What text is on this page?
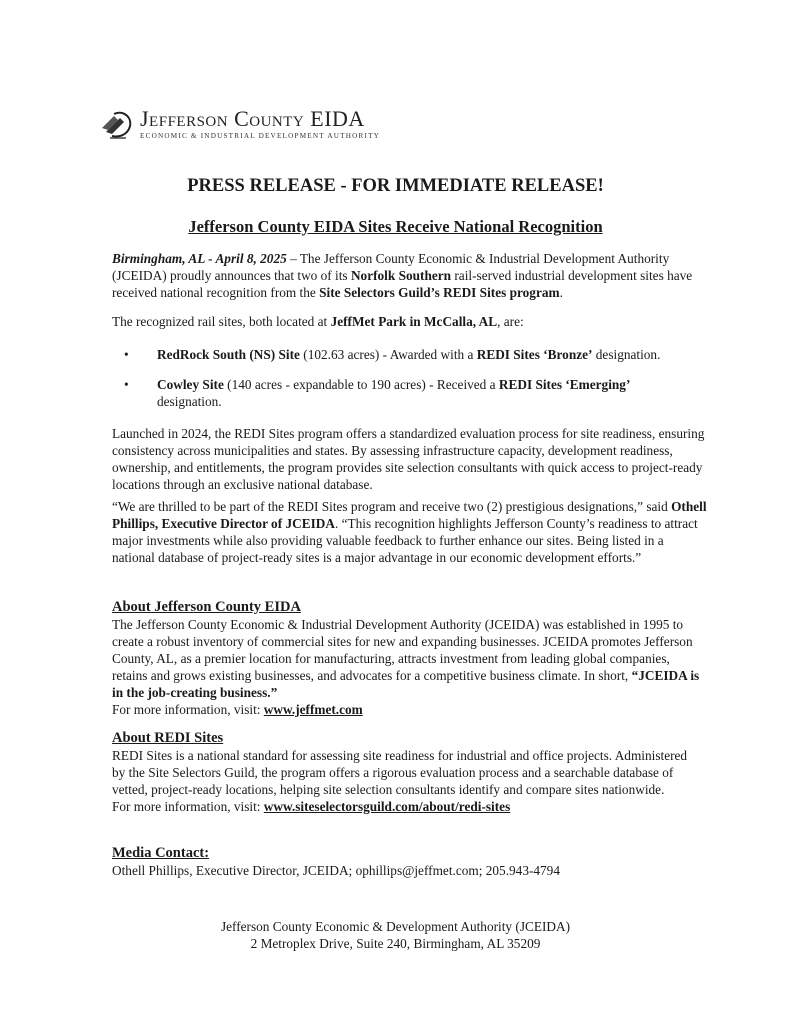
Jefferson County EIDA
ECONOMIC & INDUSTRIAL DEVELOPMENT AUTHORITY
PRESS RELEASE - FOR IMMEDIATE RELEASE!
Jefferson County EIDA Sites Receive National Recognition

Birmingham, AL - April 8, 2025 – The Jefferson County Economic & Industrial Development Authority (JCEIDA) proudly announces that two of its Norfolk Southern rail-served industrial development sites have received national recognition from the Site Selectors Guild’s REDI Sites program.

The recognized rail sites, both located at JeffMet Park in McCalla, AL, are:

•	RedRock South (NS) Site (102.63 acres) - Awarded with a REDI Sites ‘Bronze’ designation.
•	Cowley Site (140 acres - expandable to 190 acres) - Received a REDI Sites ‘Emerging’ designation.

Launched in 2024, the REDI Sites program offers a standardized evaluation process for site readiness, ensuring consistency across municipalities and states. By assessing infrastructure capacity, development readiness, ownership, and entitlements, the program provides site selection consultants with quick access to project-ready locations through an exclusive national database.

“We are thrilled to be part of the REDI Sites program and receive two (2) prestigious designations,” said Othell Phillips, Executive Director of JCEIDA. “This recognition highlights Jefferson County’s readiness to attract major investments while also providing valuable feedback to further enhance our sites. Being listed in a national database of project-ready sites is a major advantage in our economic development efforts.”

About Jefferson County EIDA

The Jefferson County Economic & Industrial Development Authority (JCEIDA) was established in 1995 to create a robust inventory of commercial sites for new and expanding businesses. JCEIDA promotes Jefferson County, AL, as a premier location for manufacturing, attracts investment from leading global companies, retains and grows existing businesses, and advocates for a competitive business climate. In short, “JCEIDA is in the job-creating business.”

For more information, visit: www.jeffmet.com

About REDI Sites

REDI Sites is a national standard for assessing site readiness for industrial and office projects. Administered by the Site Selectors Guild, the program offers a rigorous evaluation process and a searchable database of vetted, project-ready locations, helping site selection consultants identify and compare sites nationwide.

For more information, visit: www.siteselectorsguild.com/about/redi-sites

Media Contact:

Othell Phillips, Executive Director, JCEIDA; ophillips@jeffmet.com; 205.943-4794

Jefferson County Economic & Development Authority (JCEIDA)
2 Metroplex Drive, Suite 240, Birmingham, AL 35209
